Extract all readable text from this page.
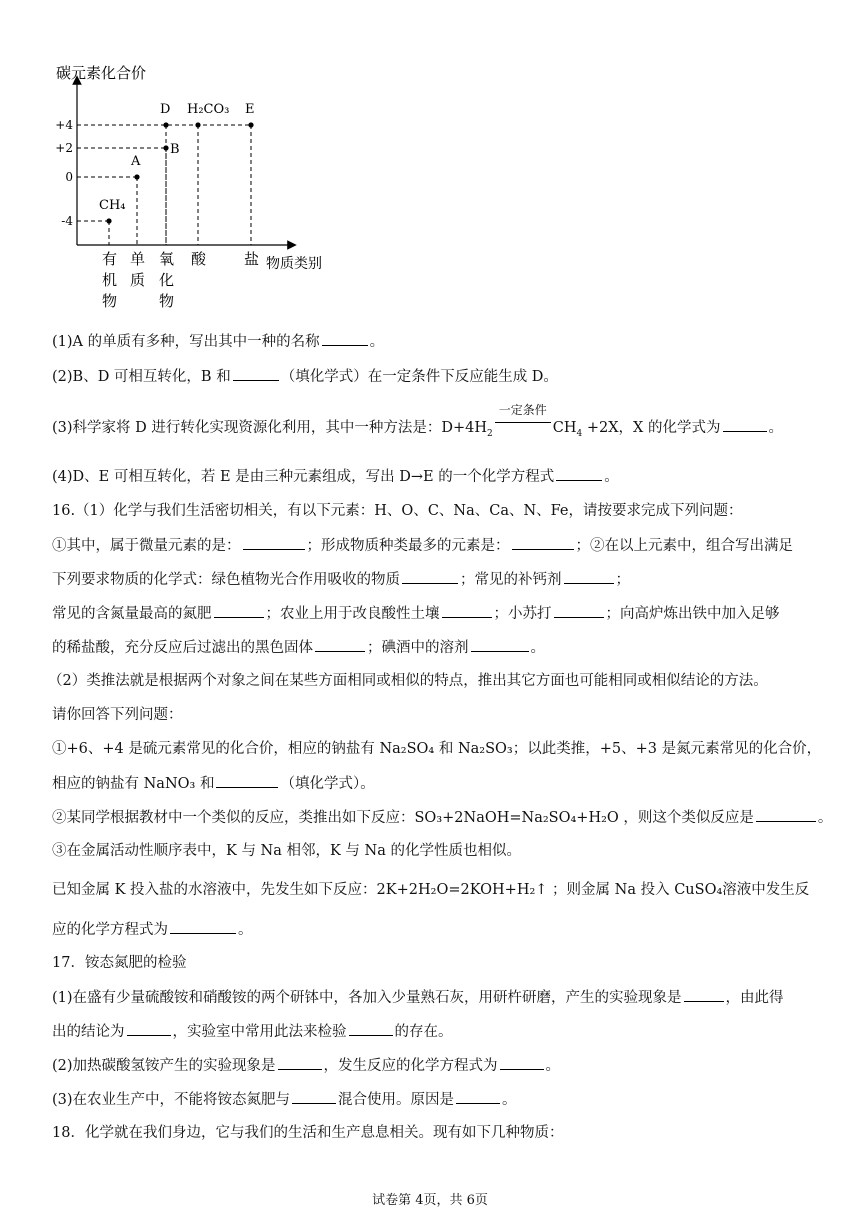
碳元素化合价
物质类别
+4
+2
0
-4
有
机
物
单
质
氧
化
物
酸	盐
CH₄
A
B
D H₂CO₃ E
(1)A 的单质有多种，写出其中一种的名称	。
(2)B、D 可相互转化，B 和	（填化学式）在一定条件下反应能生成 D。
(3)科学家将 D 进行转化实现资源化利用，其中一种方法是：$D+4H_2$
一定条件
$CH_4 +2X$，X 的化学式为	。
(4)D、E 可相互转化，若 E 是由三种元素组成，写出 D→E 的一个化学方程式	。
16.（1）化学与我们生活密切相关，有以下元素：H、O、C、Na、Ca、N、Fe，请按要求完成下列问题：
①其中，属于微量元素的是：	；形成物质种类最多的元素是：	；②在以上元素中，组合写出满足
下列要求物质的化学式：绿色植物光合作用吸收的物质	；常见的补钙剂	；
常见的含氮量最高的氮肥	；农业上用于改良酸性土壤	；小苏打	；向高炉炼出铁中加入足够
的稀盐酸，充分反应后过滤出的黑色固体	；碘酒中的溶剂	。
（2）类推法就是根据两个对象之间在某些方面相同或相似的特点，推出其它方面也可能相同或相似结论的方法。
请你回答下列问题：
①+6、+4 是硫元素常见的化合价，相应的钠盐有 Na₂SO₄ 和 Na₂SO₃；以此类推，+5、+3 是氮元素常见的化合价，
相应的钠盐有 NaNO₃ 和	（填化学式）。
②某同学根据教材中一个类似的反应，类推出如下反应：SO₃+2NaOH=Na₂SO₄+H₂O ，则这个类似反应是	。
③在金属活动性顺序表中，K 与 Na 相邻，K 与 Na 的化学性质也相似。
已知金属 K 投入盐的水溶液中，先发生如下反应：2K+2H₂O=2KOH+H₂↑ ；则金属 Na 投入 CuSO₄溶液中发生反
应的化学方程式为	。
17．铵态氮肥的检验
(1)在盛有少量硫酸铵和硝酸铵的两个研钵中，各加入少量熟石灰，用研杵研磨，产生的实验现象是	，由此得
出的结论为	，实验室中常用此法来检验	的存在。
(2)加热碳酸氢铵产生的实验现象是	，发生反应的化学方程式为	。
(3)在农业生产中，不能将铵态氮肥与	混合使用。原因是	。
18．化学就在我们身边，它与我们的生活和生产息息相关。现有如下几种物质：
试卷第 4页，共 6页
